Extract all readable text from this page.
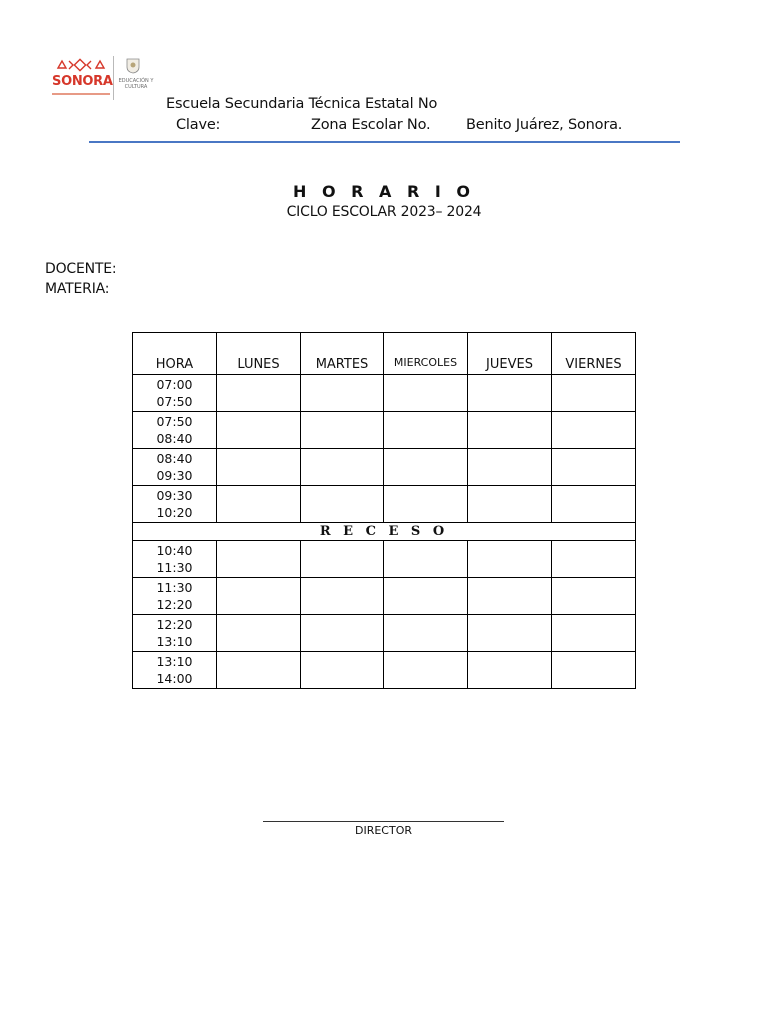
SONORA	EDUCACIÓN Y CULTURA
Escuela Secundaria Técnica Estatal No
Clave:	Zona Escolar No. Benito Juárez, Sonora.
H O R A R I O
CICLO ESCOLAR 2023– 2024
DOCENTE:
MATERIA:
HORA	LUNES	MARTES	MIERCOLES	JUEVES	VIERNES

07:00
07:50					

07:50
08:40					

08:40
09:30					

09:30
10:20					

R E C E S O					

10:40
11:30					

11:30
12:20					

12:20
13:10					

13:10
14:00					

DIRECTOR
